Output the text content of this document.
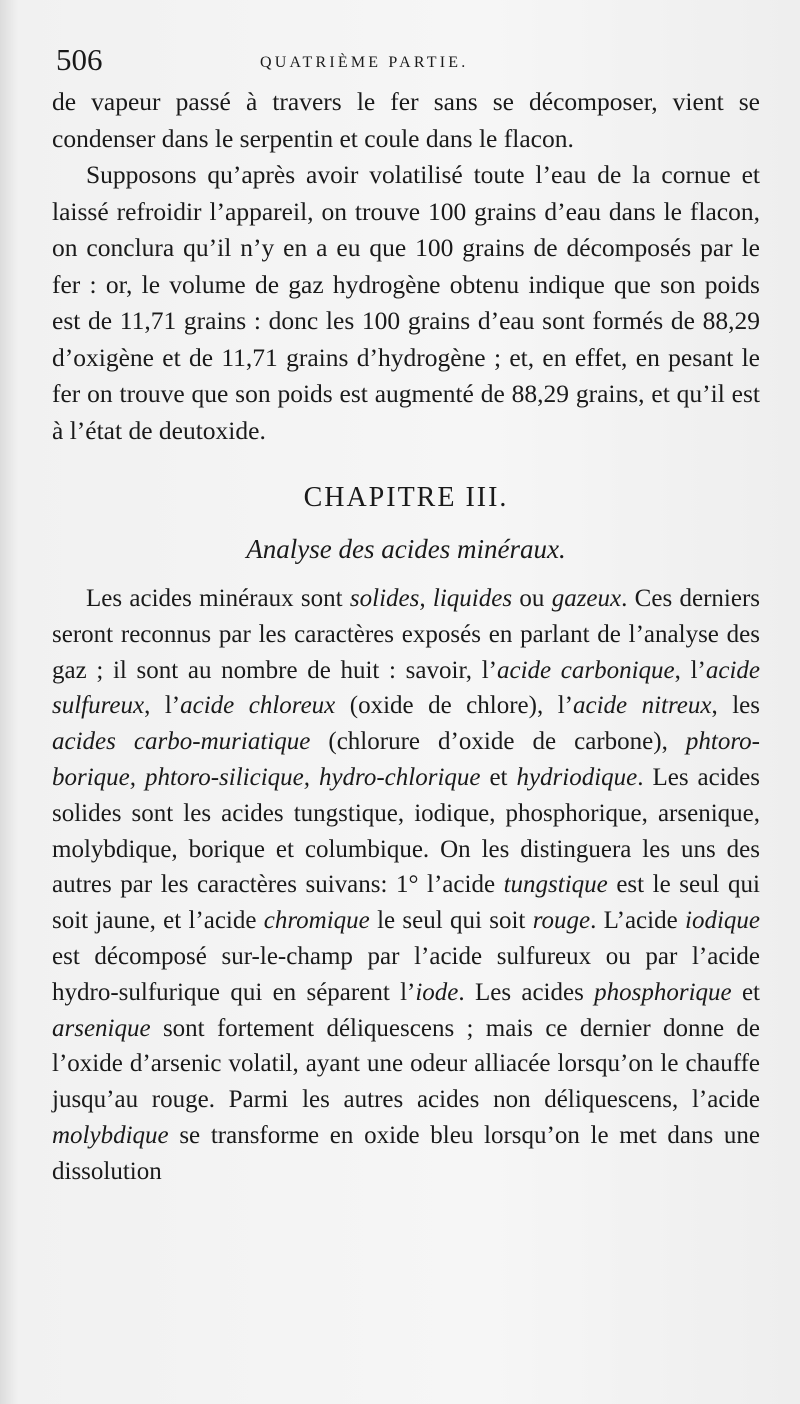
506	QUATRIÈME PARTIE.

de vapeur passé à travers le fer sans se décomposer, vient se condenser dans le serpentin et coule dans le flacon.

Supposons qu’après avoir volatilisé toute l’eau de la cornue et laissé refroidir l’appareil, on trouve 100 grains d’eau dans le flacon, on conclura qu’il n’y en a eu que 100 grains de décomposés par le fer : or, le volume de gaz hydrogène obtenu indique que son poids est de 11,71 grains : donc les 100 grains d’eau sont formés de 88,29 d’oxigène et de 11,71 grains d’hydrogène ; et, en effet, en pesant le fer on trouve que son poids est augmenté de 88,29 grains, et qu’il est à l’état de deutoxide.

CHAPITRE III.
Analyse des acides minéraux.

Les acides minéraux sont solides, liquides ou gazeux. Ces derniers seront reconnus par les caractères exposés en parlant de l’analyse des gaz ; il sont au nombre de huit : savoir, l’acide carbonique, l’acide sulfureux, l’acide chloreux (oxide de chlore), l’acide nitreux, les acides carbo-muriatique (chlorure d’oxide de carbone), phtoro-borique, phtoro-silicique, hydro-chlorique et hydriodique. Les acides solides sont les acides tungstique, iodique, phosphorique, arsenique, molybdique, borique et columbique. On les distinguera les uns des autres par les caractères suivans: 1° l’acide tungstique est le seul qui soit jaune, et l’acide chromique le seul qui soit rouge. L’acide iodique est décomposé sur-le-champ par l’acide sulfureux ou par l’acide hydro-sulfurique qui en séparent l’iode. Les acides phosphorique et arsenique sont fortement déliquescens ; mais ce dernier donne de l’oxide d’arsenic volatil, ayant une odeur alliacée lorsqu’on le chauffe jusqu’au rouge. Parmi les autres acides non déliquescens, l’acide molybdique se transforme en oxide bleu lorsqu’on le met dans une dissolution
